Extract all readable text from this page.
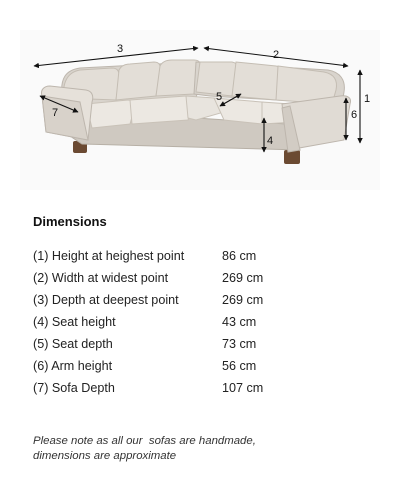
1
2
3
4
5
6
7
Dimensions
(1) Height at heighest point	86 cm
(2) Width at widest point	269 cm
(3) Depth at deepest point	269 cm
(4) Seat height	43 cm
(5) Seat depth	73 cm
(6) Arm height	56 cm
(7) Sofa Depth	107 cm

Please note as all our  sofas are handmade,

dimensions are approximate
